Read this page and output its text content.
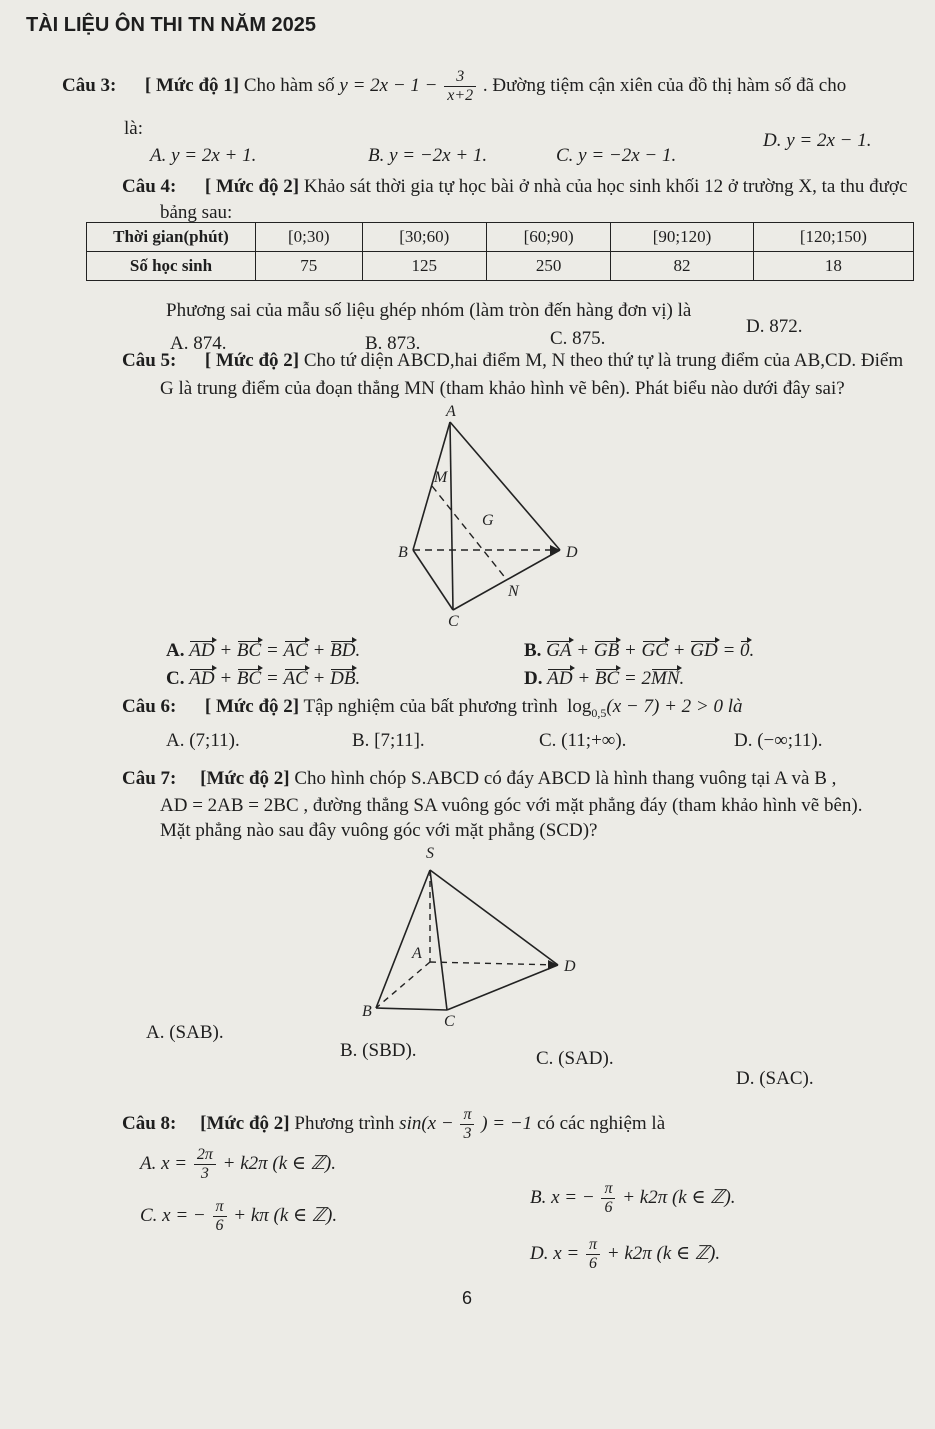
TÀI LIỆU ÔN THI TN NĂM 2025
Câu 3: [ Mức độ 1] Cho hàm số $y = 2x - 1 - \frac{3}{x+2}$ . Đường tiệm cận xiên của đồ thị hàm số đã cho
là:
A. y = 2x + 1.	B. y = −2x + 1.	C. y = −2x − 1.
D. y = 2x − 1.
Câu 4: [ Mức độ 2] Khảo sát thời gia tự học bài ở nhà của học sinh khối 12 ở trường X, ta thu được
bảng sau:
Thời gian(phút)	[0;30)	[30;60)	[60;90)	[90;120)	[120;150)
Số học sinh	75	125	250	82	18
Phương sai của mẫu số liệu ghép nhóm (làm tròn đến hàng đơn vị) là
A. 874.	B. 873.	C. 875.
D. 872.
Câu 5: [ Mức độ 2] Cho tứ diện ABCD,hai điểm M, N theo thứ tự là trung điểm của AB,CD. Điểm
G là trung điểm của đoạn thẳng MN (tham khảo hình vẽ bên). Phát biểu nào dưới đây sai?
M
A
G
B	D
N
C
A. AD + BC = AC + BD.	B. GA + GB + GC + GD = 0.
C. AD + BC = AC + DB.	D. AD + BC = 2MN.
Câu 6: [ Mức độ 2] Tập nghiệm của bất phương trình $\log_{0,5}(x - 7) + 2 > 0$ là
A. (7;11).	B. [7;11].	C. (11;+∞).	D. (−∞;11).
Câu 7: [Mức độ 2] Cho hình chóp S.ABCD có đáy ABCD là hình thang vuông tại A và B ,
AD = 2AB = 2BC , đường thẳng SA vuông góc với mặt phẳng đáy (tham khảo hình vẽ bên).
Mặt phẳng nào sau đây vuông góc với mặt phẳng (SCD)?
S
A
D
B
C
A. (SAB).
B. (SBD).	C. (SAD).
D. (SAC).
Câu 8: [Mức độ 2] Phương trình $\sin(x - \frac{\pi}{3}$ ) = −1 có các nghiệm là
A. $x = \frac{2\pi}{3} + k2\pi$ (k ∈ ℤ).
C. x = − $\frac{\pi}{6} + k\pi$ (k ∈ ℤ).
B. x = − $\frac{\pi}{6} + k2\pi$ (k ∈ ℤ).
D. $x = \frac{\pi}{6} + k2\pi$ (k ∈ ℤ).
6
